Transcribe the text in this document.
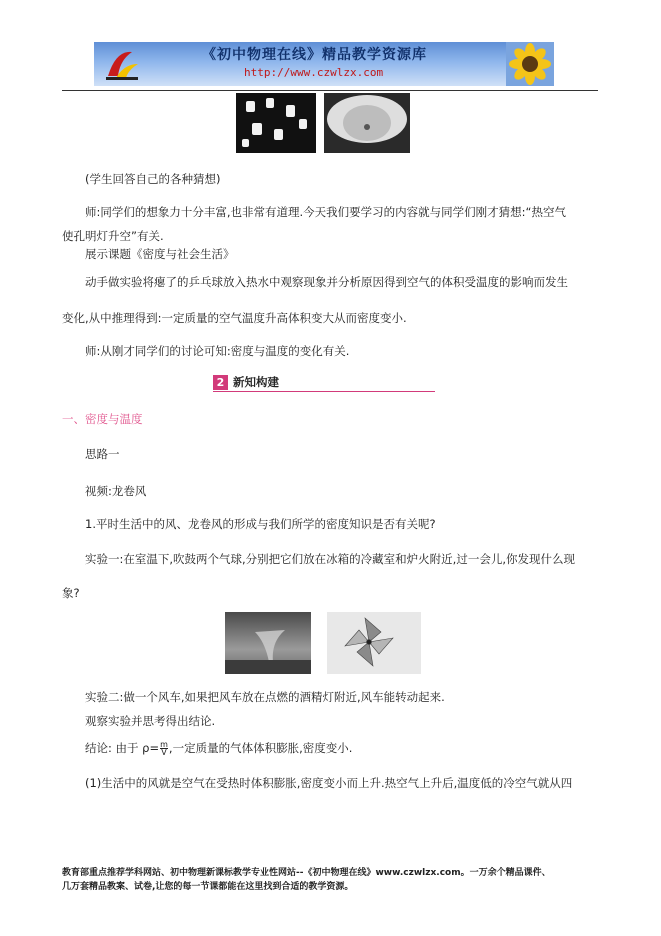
《初中物理在线》精品教学资源库
http://www.czwlzx.com
(学生回答自己的各种猜想)
师:同学们的想象力十分丰富,也非常有道理.今天我们要学习的内容就与同学们刚才猜想:“热空气
使孔明灯升空”有关.
展示课题《密度与社会生活》
动手做实验将瘪了的乒乓球放入热水中观察现象并分析原因得到空气的体积受温度的影响而发生
变化,从中推理得到:一定质量的空气温度升高体积变大从而密度变小.
师:从刚才同学们的讨论可知:密度与温度的变化有关.
2 新知构建
一、密度与温度
思路一
视频:龙卷风
1.平时生活中的风、龙卷风的形成与我们所学的密度知识是否有关呢?
实验一:在室温下,吹鼓两个气球,分别把它们放在冰箱的冷藏室和炉火附近,过一会儿,你发现什么现
象?
实验二:做一个风车,如果把风车放在点燃的酒精灯附近,风车能转动起来.
观察实验并思考得出结论.
结论: 由于 $\rho= \frac{m}{V}$ ,一定质量的气体体积膨胀,密度变小.
(1)生活中的风就是空气在受热时体积膨胀,密度变小而上升.热空气上升后,温度低的冷空气就从四
教育部重点推荐学科网站、初中物理新课标教学专业性网站--《初中物理在线》www.czwlzx.com。一万余个精品课件、
几万套精品教案、试卷,让您的每一节课都能在这里找到合适的教学资源。
